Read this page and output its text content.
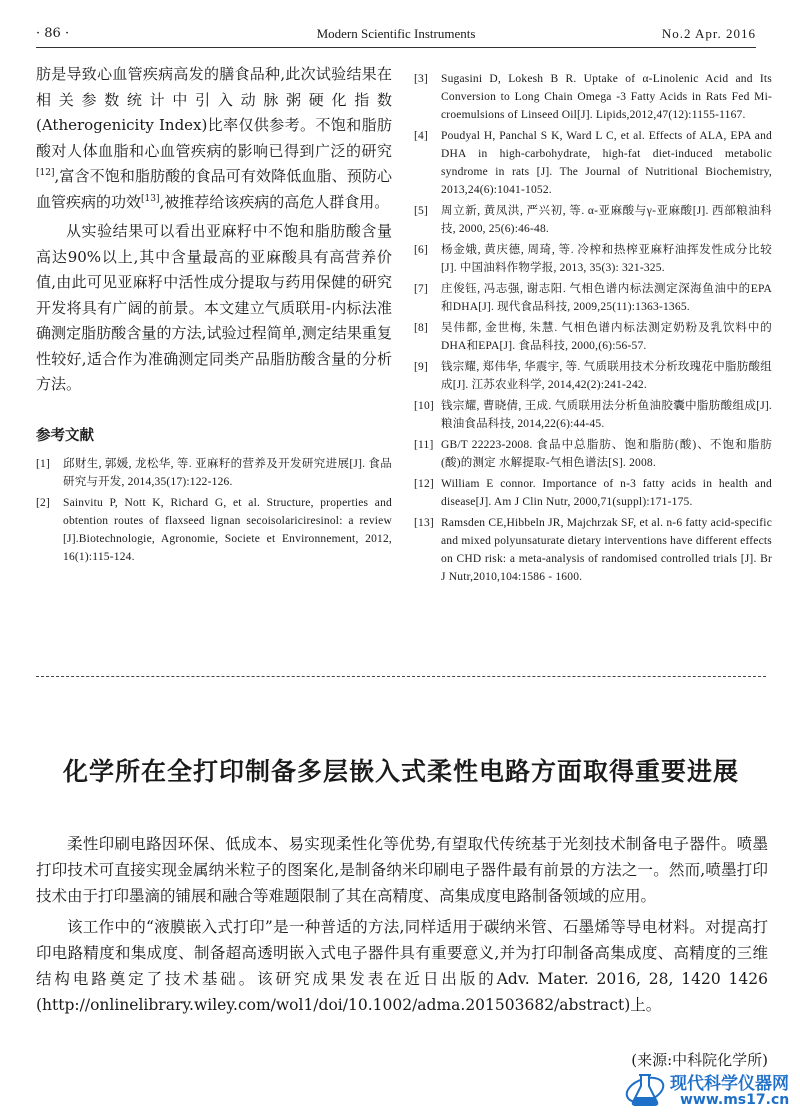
· 86 ·	Modern Scientific Instruments	No.2 Apr. 2016

肪是导致心血管疾病高发的膳食品种,此次试验结果在相关参数统计中引入动脉粥硬化指数(Atherogenicity Index)比率仅供参考。不饱和脂肪酸对人体血脂和心血管疾病的影响已得到广泛的研究[12],富含不饱和脂肪酸的食品可有效降低血脂、预防心血管疾病的功效[13],被推荐给该疾病的高危人群食用。

从实验结果可以看出亚麻籽中不饱和脂肪酸含量高达90%以上,其中含量最高的亚麻酸具有高营养价值,由此可见亚麻籽中活性成分提取与药用保健的研究开发将具有广阔的前景。本文建立气质联用-内标法准确测定脂肪酸含量的方法,试验过程简单,测定结果重复性较好,适合作为准确测定同类产品脂肪酸含量的分析方法。

参考文献
[1] 邱财生, 郭媛, 龙松华, 等. 亚麻籽的营养及开发研究进展[J]. 食品研究与开发, 2014,35(17):122-126.
[2] Sainvitu P, Nott K, Richard G, et al. Structure, properties and obtention routes of flaxseed lignan secoisolariciresinol: a review [J].Biotechnologie, Agronomie, Societe et Environnement, 2012, 16(1):115-124.
[3] Sugasini D, Lokesh B R. Uptake of α-Linolenic Acid and Its Conversion to Long Chain Omega -3 Fatty Acids in Rats Fed Mi-croemulsions of Linseed Oil[J]. Lipids,2012,47(12):1155-1167.
[4] Poudyal H, Panchal S K, Ward L C, et al. Effects of ALA, EPA and DHA in high-carbohydrate, high-fat diet-induced metabolic syndrome in rats [J]. The Journal of Nutritional Biochemistry, 2013,24(6):1041-1052.
[5] 周立新, 黄凤洪, 严兴初, 等. α-亚麻酸与γ-亚麻酸[J]. 西部粮油科技, 2000, 25(6):46-48.
[6] 杨金娥, 黄庆德, 周琦, 等. 冷榨和热榨亚麻籽油挥发性成分比较[J]. 中国油料作物学报, 2013, 35(3): 321-325.
[7] 庄俊钰, 冯志强, 谢志阳. 气相色谱内标法测定深海鱼油中的EPA和DHA[J]. 现代食品科技, 2009,25(11):1363-1365.
[8] 吴伟都, 金世梅, 朱慧. 气相色谱内标法测定奶粉及乳饮料中的DHA和EPA[J]. 食品科技, 2000,(6):56-57.
[9] 钱宗耀, 郑伟华, 华震宇, 等. 气质联用技术分析玫瑰花中脂肪酸组成[J]. 江苏农业科学, 2014,42(2):241-242.
[10] 钱宗耀, 曹晓倩, 王成. 气质联用法分析鱼油胶囊中脂肪酸组成[J]. 粮油食品科技, 2014,22(6):44-45.
[11] GB/T 22223-2008. 食品中总脂肪、饱和脂肪(酸)、不饱和脂肪(酸)的测定 水解提取-气相色谱法[S]. 2008.
[12] William E connor. Importance of n-3 fatty acids in health and disease[J]. Am J Clin Nutr, 2000,71(suppl):171-175.
[13] Ramsden CE,Hibbeln JR, Majchrzak SF, et al. n-6 fatty acid-specific and mixed polyunsaturate dietary interventions have different effects on CHD risk: a meta-analysis of randomised controlled trials [J]. Br J Nutr,2010,104:1586 - 1600.
化学所在全打印制备多层嵌入式柔性电路方面取得重要进展

柔性印刷电路因环保、低成本、易实现柔性化等优势,有望取代传统基于光刻技术制备电子器件。喷墨打印技术可直接实现金属纳米粒子的图案化,是制备纳米印刷电子器件最有前景的方法之一。然而,喷墨打印技术由于打印墨滴的铺展和融合等难题限制了其在高精度、高集成度电路制备领域的应用。

该工作中的“液膜嵌入式打印”是一种普适的方法,同样适用于碳纳米管、石墨烯等导电材料。对提高打印电路精度和集成度、制备超高透明嵌入式电子器件具有重要意义,并为打印制备高集成度、高精度的三维结构电路奠定了技术基础。该研究成果发表在近日出版的Adv. Mater. 2016, 28, 1420 1426 (http://onlinelibrary.wiley.com/wol1/doi/10.1002/adma.201503682/abstract)上。

(来源:中科院化学所)
现代科学仪器网
www.ms17.cn
